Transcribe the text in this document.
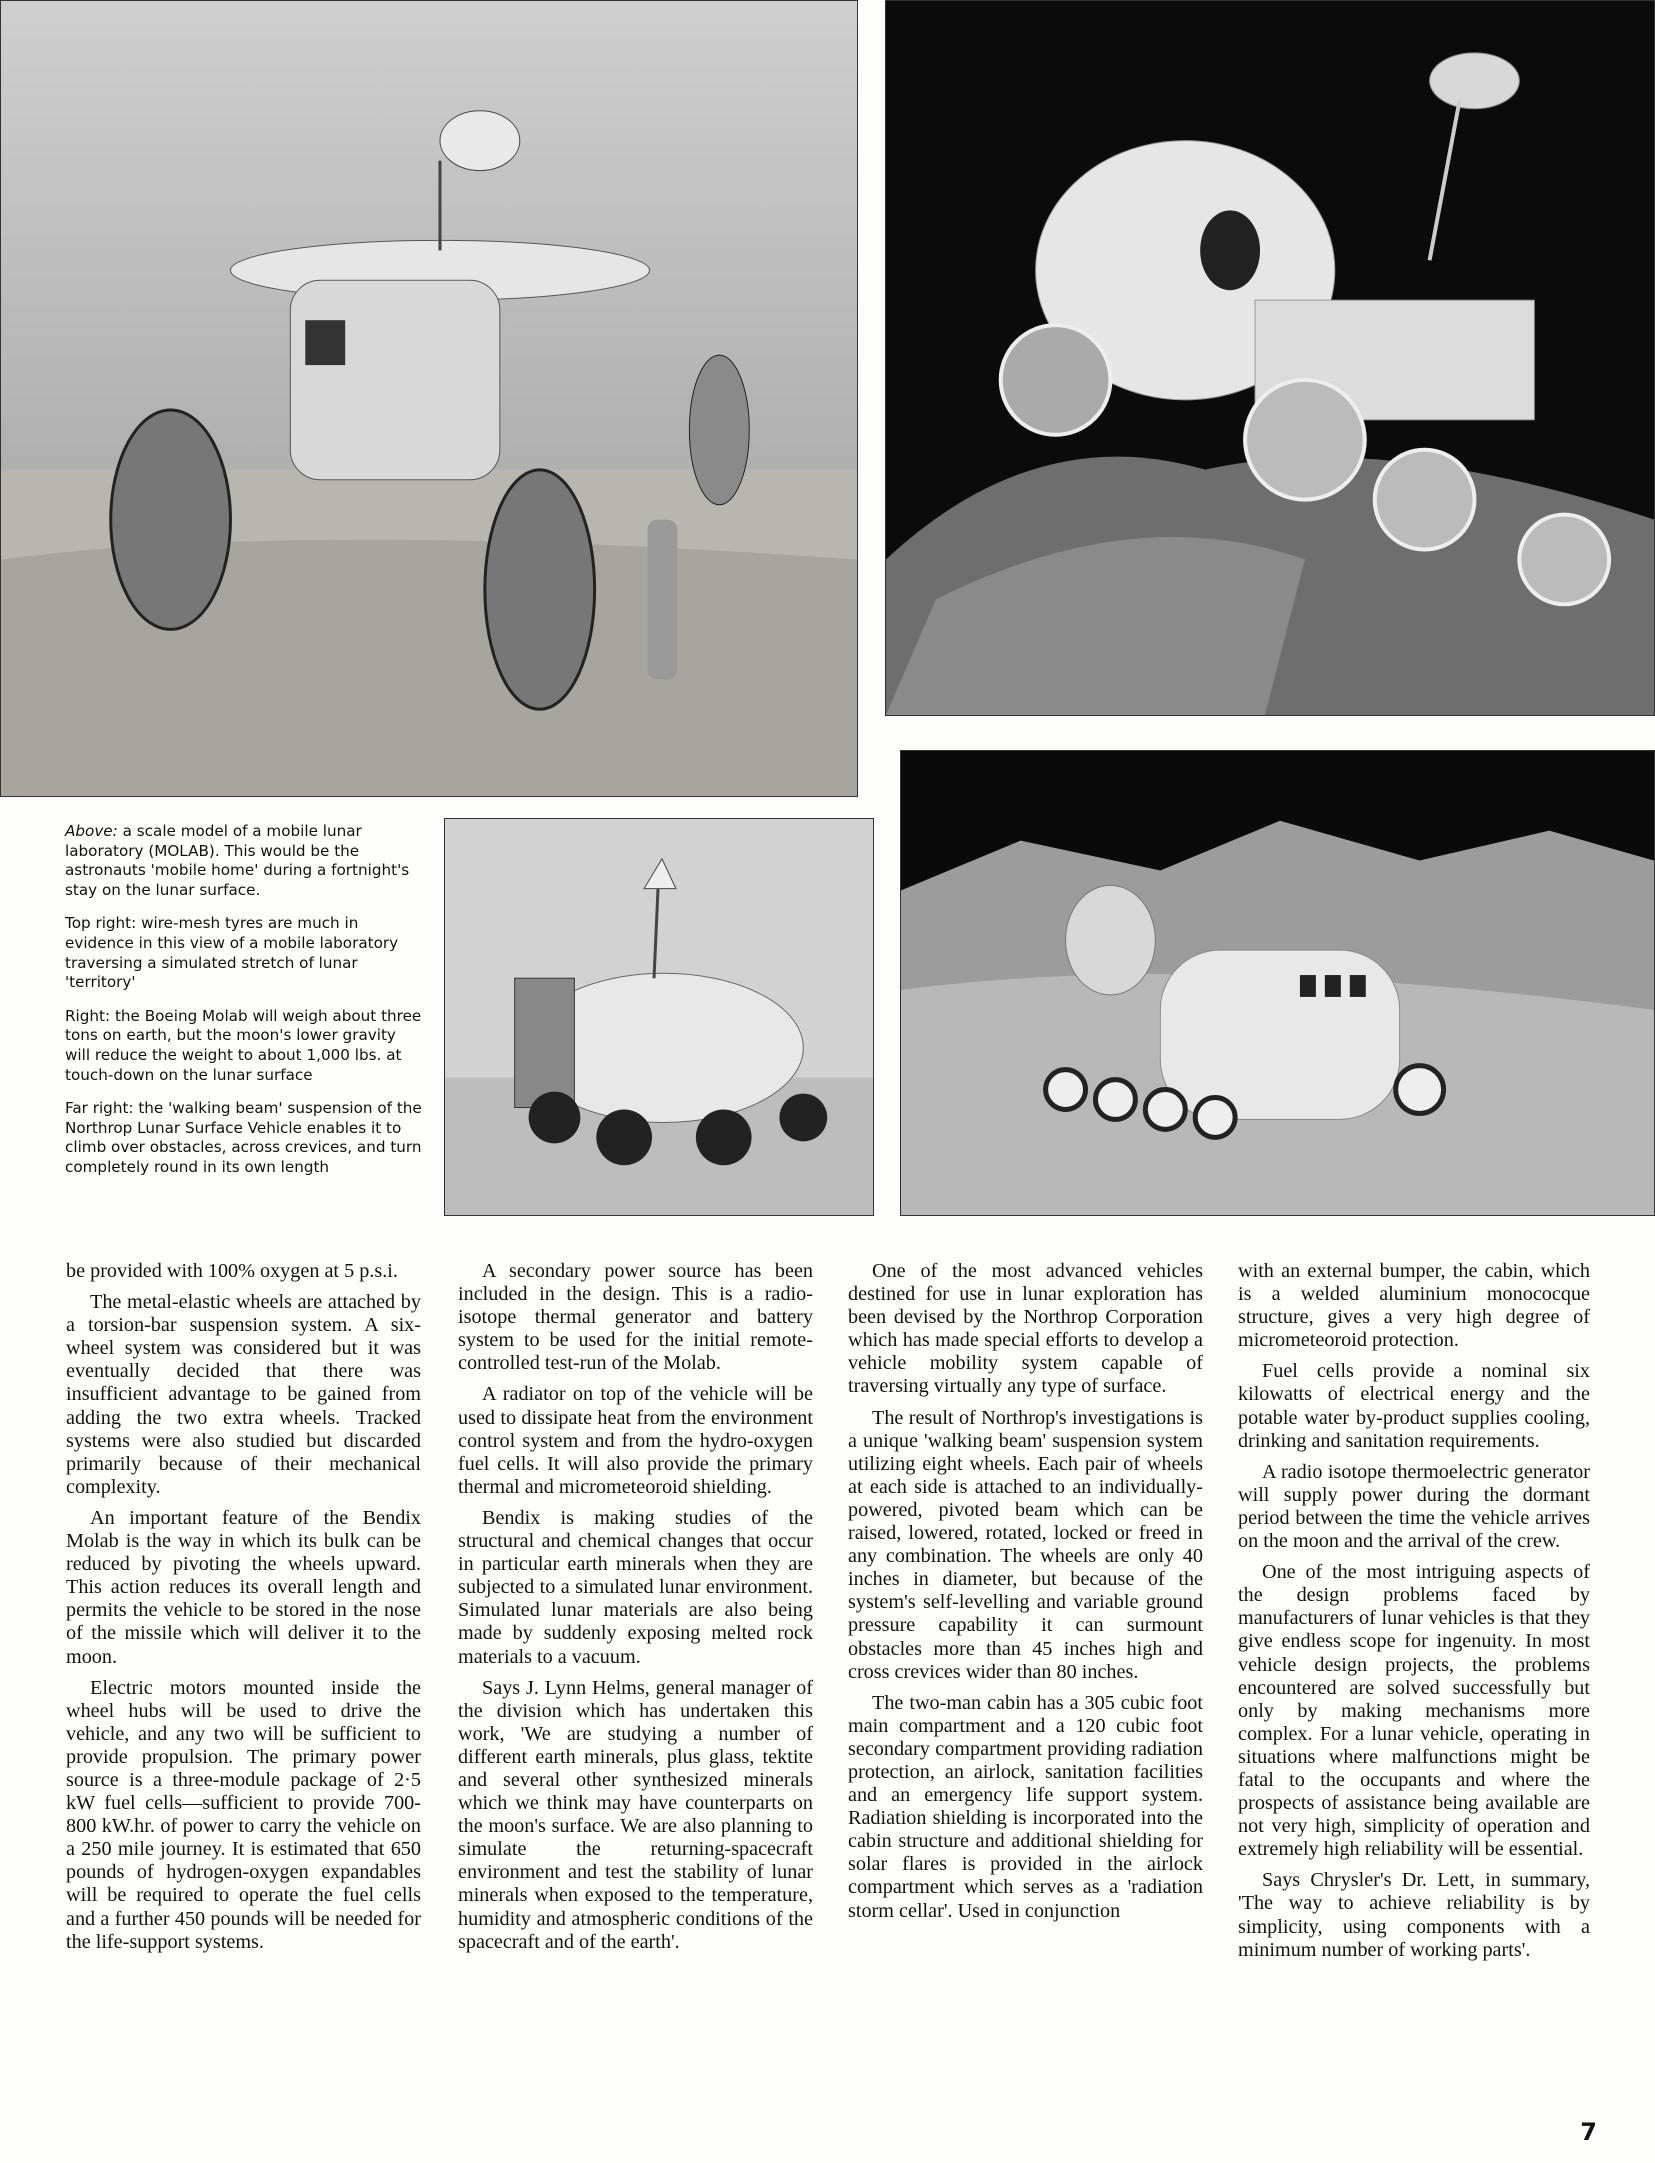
Above: a scale model of a mobile lunar laboratory (MOLAB). This would be the astronauts 'mobile home' during a fortnight's stay on the lunar surface.

Top right: wire-mesh tyres are much in evidence in this view of a mobile laboratory traversing a simulated stretch of lunar 'territory'

Right: the Boeing Molab will weigh about three tons on earth, but the moon's lower gravity will reduce the weight to about 1,000 lbs. at touch-down on the lunar surface

Far right: the 'walking beam' suspension of the Northrop Lunar Surface Vehicle enables it to climb over obstacles, across crevices, and turn completely round in its own length

be provided with 100% oxygen at 5 p.s.i.

The metal-elastic wheels are attached by a torsion-bar suspension system. A six-wheel system was considered but it was eventually decided that there was insufficient advantage to be gained from adding the two extra wheels. Tracked systems were also studied but discarded primarily because of their mechanical complexity.

An important feature of the Bendix Molab is the way in which its bulk can be reduced by pivoting the wheels upward. This action reduces its overall length and permits the vehicle to be stored in the nose of the missile which will deliver it to the moon.

Electric motors mounted inside the wheel hubs will be used to drive the vehicle, and any two will be sufficient to provide propulsion. The primary power source is a three-module package of 2·5 kW fuel cells—sufficient to provide 700-800 kW.hr. of power to carry the vehicle on a 250 mile journey. It is estimated that 650 pounds of hydrogen-oxygen expandables will be required to operate the fuel cells and a further 450 pounds will be needed for the life-support systems.

A secondary power source has been included in the design. This is a radio-isotope thermal generator and battery system to be used for the initial remote-controlled test-run of the Molab.

A radiator on top of the vehicle will be used to dissipate heat from the environment control system and from the hydro-oxygen fuel cells. It will also provide the primary thermal and micrometeoroid shielding.

Bendix is making studies of the structural and chemical changes that occur in particular earth minerals when they are subjected to a simulated lunar environment. Simulated lunar materials are also being made by suddenly exposing melted rock materials to a vacuum.

Says J. Lynn Helms, general manager of the division which has undertaken this work, 'We are studying a number of different earth minerals, plus glass, tektite and several other synthesized minerals which we think may have counterparts on the moon's surface. We are also planning to simulate the returning-spacecraft environment and test the stability of lunar minerals when exposed to the temperature, humidity and atmospheric conditions of the spacecraft and of the earth'.

One of the most advanced vehicles destined for use in lunar exploration has been devised by the Northrop Corporation which has made special efforts to develop a vehicle mobility system capable of traversing virtually any type of surface.

The result of Northrop's investigations is a unique 'walking beam' suspension system utilizing eight wheels. Each pair of wheels at each side is attached to an individually-powered, pivoted beam which can be raised, lowered, rotated, locked or freed in any combination. The wheels are only 40 inches in diameter, but because of the system's self-levelling and variable ground pressure capability it can surmount obstacles more than 45 inches high and cross crevices wider than 80 inches.

The two-man cabin has a 305 cubic foot main compartment and a 120 cubic foot secondary compartment providing radiation protection, an airlock, sanitation facilities and an emergency life support system. Radiation shielding is incorporated into the cabin structure and additional shielding for solar flares is provided in the airlock compartment which serves as a 'radiation storm cellar'. Used in conjunction

with an external bumper, the cabin, which is a welded aluminium monococque structure, gives a very high degree of micrometeoroid protection.

Fuel cells provide a nominal six kilowatts of electrical energy and the potable water by-product supplies cooling, drinking and sanitation requirements.

A radio isotope thermoelectric generator will supply power during the dormant period between the time the vehicle arrives on the moon and the arrival of the crew.

One of the most intriguing aspects of the design problems faced by manufacturers of lunar vehicles is that they give endless scope for ingenuity. In most vehicle design projects, the problems encountered are solved successfully but only by making mechanisms more complex. For a lunar vehicle, operating in situations where malfunctions might be fatal to the occupants and where the prospects of assistance being available are not very high, simplicity of operation and extremely high reliability will be essential.

Says Chrysler's Dr. Lett, in summary, 'The way to achieve reliability is by simplicity, using components with a minimum number of working parts'.

7
